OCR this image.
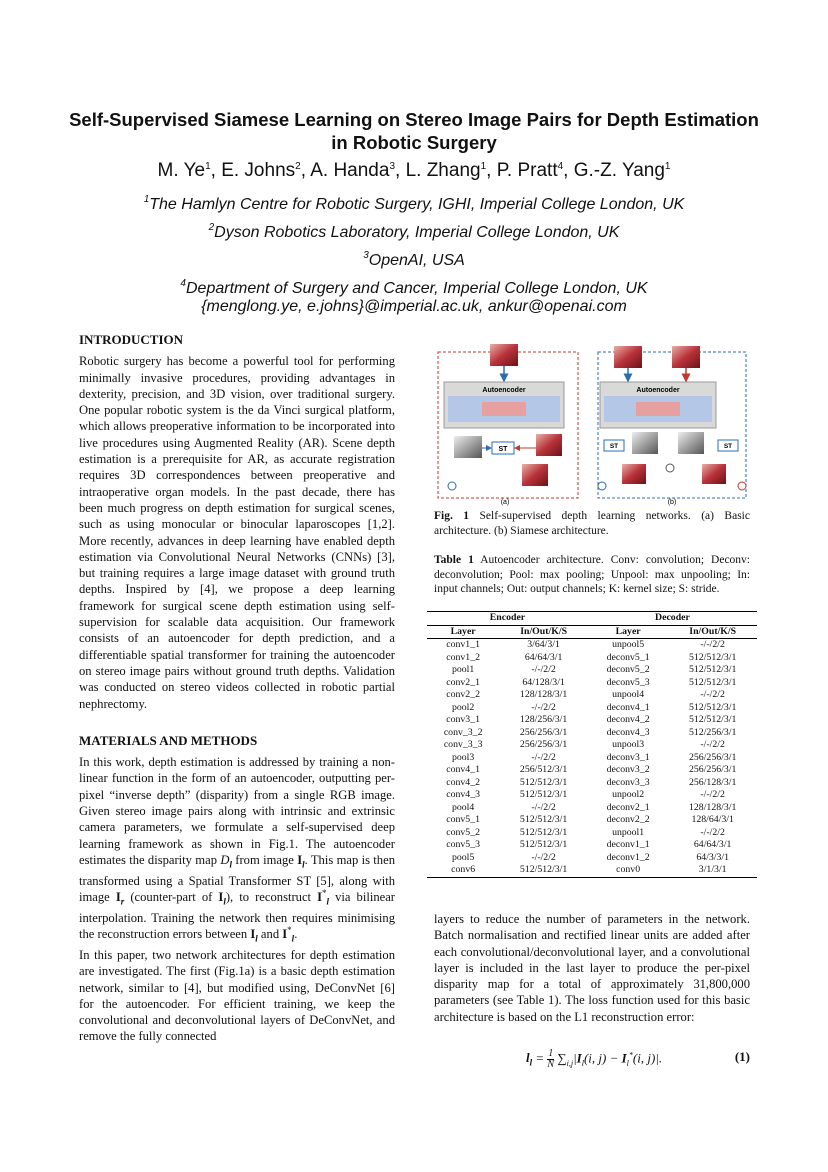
Self-Supervised Siamese Learning on Stereo Image Pairs for Depth Estimation in Robotic Surgery
M. Ye$^1$, E. Johns$^2$, A. Handa$^3$, L. Zhang$^1$, P. Pratt$^4$, G.-Z. Yang$^1$
$^1$The Hamlyn Centre for Robotic Surgery, IGHI, Imperial College London, UK
$^2$Dyson Robotics Laboratory, Imperial College London, UK
$^3$OpenAI, USA
$^4$Department of Surgery and Cancer, Imperial College London, UK
{menglong.ye, e.johns}@imperial.ac.uk, ankur@openai.com
INTRODUCTION

Robotic surgery has become a powerful tool for performing minimally invasive procedures, providing advantages in dexterity, precision, and 3D vision, over traditional surgery. One popular robotic system is the da Vinci surgical platform, which allows preoperative information to be incorporated into live procedures using Augmented Reality (AR). Scene depth estimation is a prerequisite for AR, as accurate registration requires 3D correspondences between preoperative and intraoperative organ models. In the past decade, there has been much progress on depth estimation for surgical scenes, such as using monocular or binocular laparoscopes [1,2]. More recently, advances in deep learning have enabled depth estimation via Convolutional Neural Networks (CNNs) [3], but training requires a large image dataset with ground truth depths. Inspired by [4], we propose a deep learning framework for surgical scene depth estimation using self-supervision for scalable data acquisition. Our framework consists of an autoencoder for depth prediction, and a differentiable spatial transformer for training the autoencoder on stereo image pairs without ground truth depths. Validation was conducted on stereo videos collected in robotic partial nephrectomy.

MATERIALS AND METHODS

In this work, depth estimation is addressed by training a non-linear function in the form of an autoencoder, outputting per-pixel “inverse depth” (disparity) from a single RGB image. Given stereo image pairs along with intrinsic and extrinsic camera parameters, we formulate a self-supervised deep learning framework as shown in Fig.1. The autoencoder estimates the disparity map $D_l$ from image $I_l$. This map is then transformed using a Spatial Transformer ST [5], along with image $I_r$ (counter-part of $I_l$), to reconstruct $I^*_l$ via bilinear interpolation. Training the network then requires minimising the reconstruction errors between $I_l$ and $I^*_l$.

In this paper, two network architectures for depth estimation are investigated. The first (Fig.1a) is a basic depth estimation network, similar to [4], but modified using, DeConvNet [6] for the autoencoder. For efficient training, we keep the convolutional and deconvolutional layers of DeConvNet, and remove the fully connected

Autoencoder
ST
(a)
Autoencoder
ST	ST
(b)
Fig. 1 Self-supervised depth learning networks. (a) Basic architecture. (b) Siamese architecture.
Table 1 Autoencoder architecture. Conv: convolution; Deconv: deconvolution; Pool: max pooling; Unpool: max unpooling; In: input channels; Out: output channels; K: kernel size; S: stride.
Encoder		Decoder	
Layer	In/Out/K/S	Layer	In/Out/K/S
conv1_1	3/64/3/1	unpool5	-/-/2/2
conv1_2	64/64/3/1	deconv5_1	512/512/3/1
pool1	-/-/2/2	deconv5_2	512/512/3/1
conv2_1	64/128/3/1	deconv5_3	512/512/3/1
conv2_2	128/128/3/1	unpool4	-/-/2/2
pool2	-/-/2/2	deconv4_1	512/512/3/1
conv3_1	128/256/3/1	deconv4_2	512/512/3/1
conv_3_2	256/256/3/1	deconv4_3	512/256/3/1
conv_3_3	256/256/3/1	unpool3	-/-/2/2
pool3	-/-/2/2	deconv3_1	256/256/3/1
conv4_1	256/512/3/1	deconv3_2	256/256/3/1
conv4_2	512/512/3/1	deconv3_3	256/128/3/1
conv4_3	512/512/3/1	unpool2	-/-/2/2
pool4	-/-/2/2	deconv2_1	128/128/3/1
conv5_1	512/512/3/1	deconv2_2	128/64/3/1
conv5_2	512/512/3/1	unpool1	-/-/2/2
conv5_3	512/512/3/1	deconv1_1	64/64/3/1
pool5	-/-/2/2	deconv1_2	64/3/3/1
conv6	512/512/3/1	conv0	3/1/3/1
layers to reduce the number of parameters in the network. Batch normalisation and rectified linear units are added after each convolutional/deconvolutional layer, and a convolutional layer is included in the last layer to produce the per-pixel disparity map for a total of approximately 31,800,000 parameters (see Table 1). The loss function used for this basic architecture is based on the L1 reconstruction error:
$l_l = \frac{1}{N} \sum_{i,j}|I_l(i$, $j) - I_l^*(i$, j)|.	(1)
